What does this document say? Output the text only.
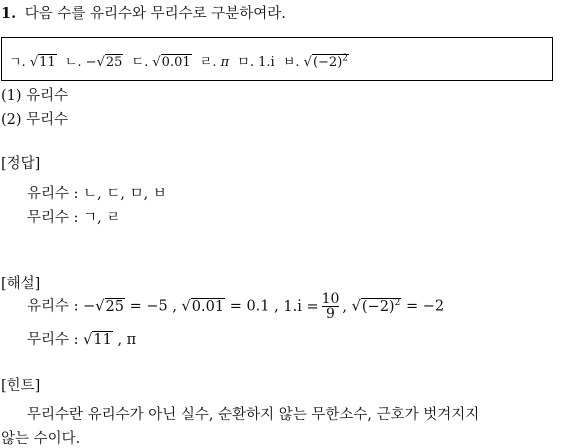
1. 다음 수를 유리수와 무리수로 구분하여라.
ㄱ. √11 ㄴ. −√25 ㄷ. √0.01 ㄹ. π ㅁ. 1.i̇ ㅂ. $√(-2)^2$
(1) 유리수
(2) 무리수
[정답]
유리수 : ㄴ, ㄷ, ㅁ, ㅂ
무리수 : ㄱ, ㄹ
[해설]
유리수 : −√25 = −5 , √0.01 = 0.1 , 1.i̇ = $\frac{10}{9}$ , $√(-2)^2 = -2$
무리수 : √11 , π
[힌트]
무리수란 유리수가 아닌 실수, 순환하지 않는 무한소수, 근호가 벗겨지지
않는 수이다.
